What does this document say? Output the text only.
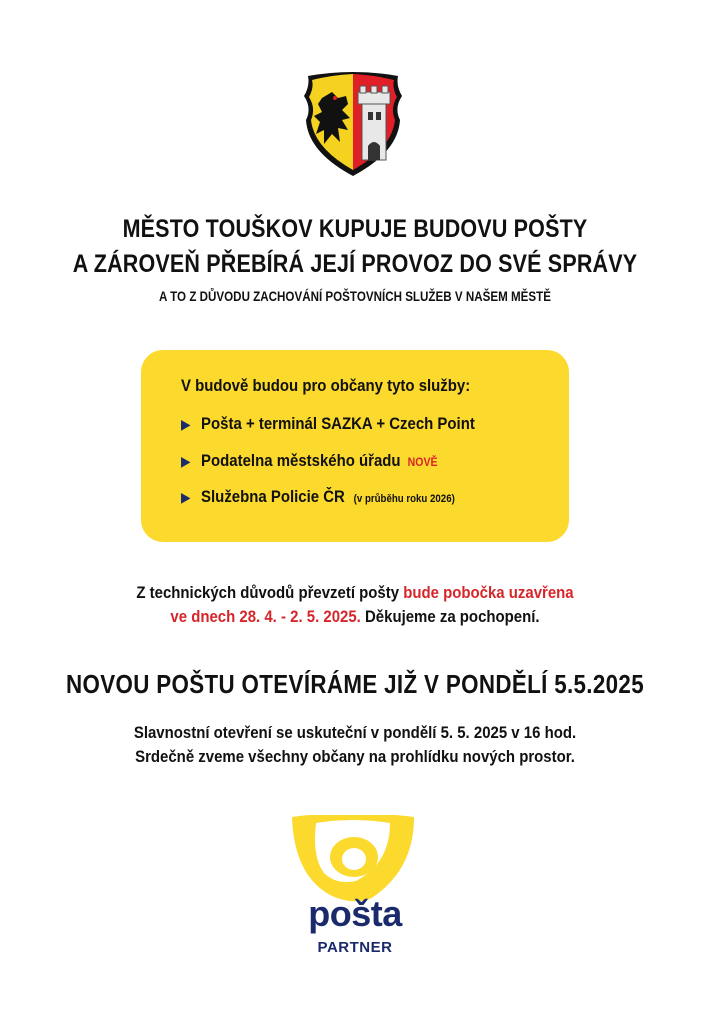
MĚSTO TOUŠKOV KUPUJE BUDOVU POŠTY
A ZÁROVEŇ PŘEBÍRÁ JEJÍ PROVOZ DO SVÉ SPRÁVY
A TO Z DŮVODU ZACHOVÁNÍ POŠTOVNÍCH SLUŽEB V NAŠEM MĚSTĚ
V budově budou pro občany tyto služby:
▶ Pošta + terminál SAZKA + Czech Point
▶ Podatelna městského úřadu NOVĚ
▶ Služebna Policie ČR (v průběhu roku 2026)
Z technických důvodů převzetí pošty bude pobočka uzavřena
ve dnech 28. 4. - 2. 5. 2025. Děkujeme za pochopení.
NOVOU POŠTU OTEVÍRÁME JIŽ V PONDĚLÍ 5.5.2025
Slavnostní otevření se uskuteční v pondělí 5. 5. 2025 v 16 hod.
Srdečně zveme všechny občany na prohlídku nových prostor.
pošta
PARTNER
